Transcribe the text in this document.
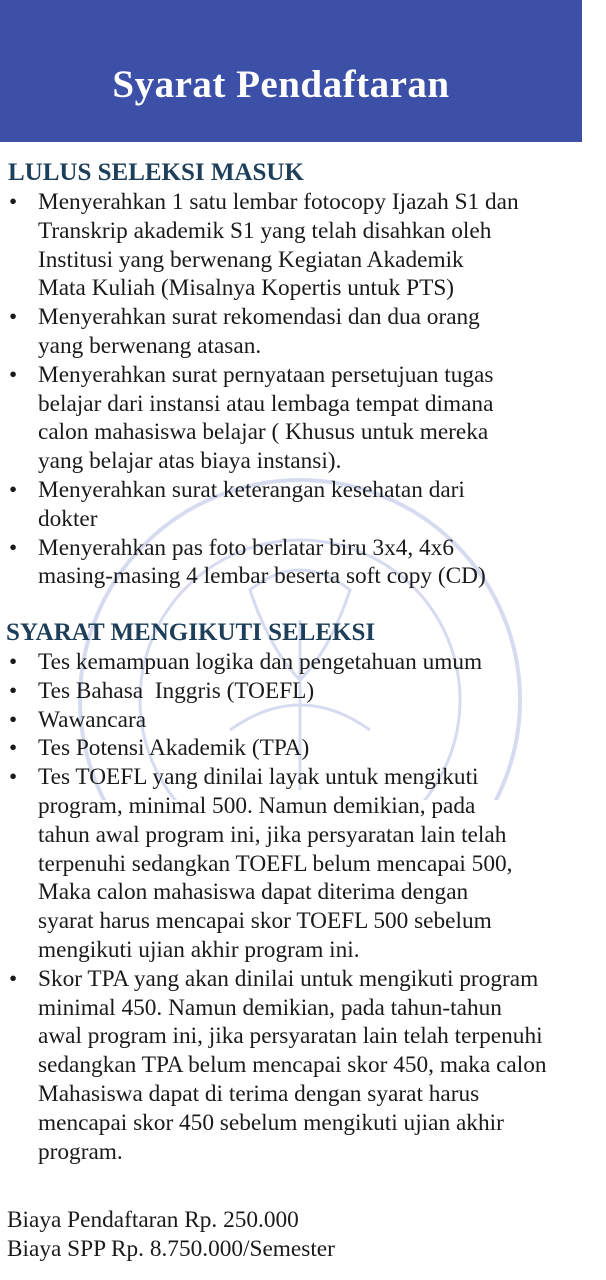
Syarat Pendaftaran
LULUS SELEKSI MASUK
• Menyerahkan 1 satu lembar fotocopy Ijazah S1 dan
Transkrip akademik S1 yang telah disahkan oleh
Institusi yang berwenang Kegiatan Akademik
Mata Kuliah (Misalnya Kopertis untuk PTS)
• Menyerahkan surat rekomendasi dan dua orang
yang berwenang atasan.
• Menyerahkan surat pernyataan persetujuan tugas
belajar dari instansi atau lembaga tempat dimana
calon mahasiswa belajar ( Khusus untuk mereka
yang belajar atas biaya instansi).
• Menyerahkan surat keterangan kesehatan dari
dokter
• Menyerahkan pas foto berlatar biru 3x4, 4x6
masing-masing 4 lembar beserta soft copy (CD)
SYARAT MENGIKUTI SELEKSI
• Tes kemampuan logika dan pengetahuan umum
• Tes Bahasa  Inggris (TOEFL)
• Wawancara
• Tes Potensi Akademik (TPA)
• Tes TOEFL yang dinilai layak untuk mengikuti
program, minimal 500. Namun demikian, pada
tahun awal program ini, jika persyaratan lain telah
terpenuhi sedangkan TOEFL belum mencapai 500,
Maka calon mahasiswa dapat diterima dengan
syarat harus mencapai skor TOEFL 500 sebelum
mengikuti ujian akhir program ini.
• Skor TPA yang akan dinilai untuk mengikuti program
minimal 450. Namun demikian, pada tahun-tahun
awal program ini, jika persyaratan lain telah terpenuhi
sedangkan TPA belum mencapai skor 450, maka calon
Mahasiswa dapat di terima dengan syarat harus
mencapai skor 450 sebelum mengikuti ujian akhir
program.
Biaya Pendaftaran Rp. 250.000
Biaya SPP Rp. 8.750.000/Semester
